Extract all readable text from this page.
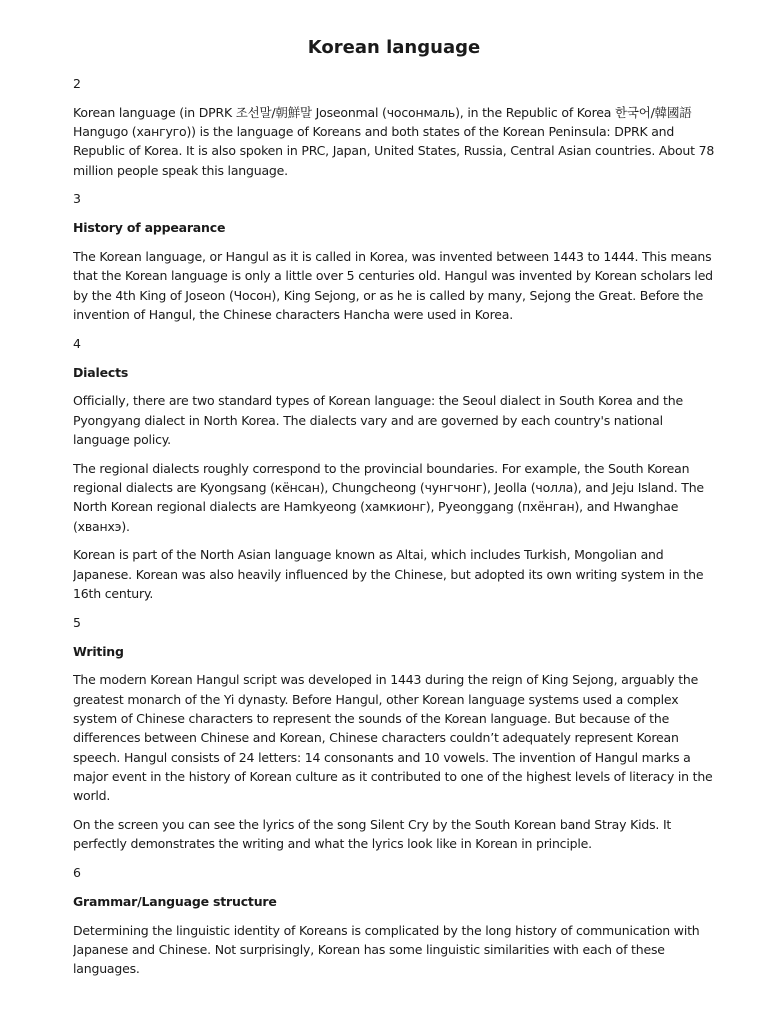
Korean language
2
Korean language (in DPRK 조선말/朝鮮말 Joseonmal (чосонмаль), in the Republic of Korea 한국어/韓國語 Hangugo (хангуго)) is the language of Koreans and both states of the Korean Peninsula: DPRK and Republic of Korea. It is also spoken in PRC, Japan, United States, Russia, Central Asian countries. About 78 million people speak this language.
3
History of appearance
The Korean language, or Hangul as it is called in Korea, was invented between 1443 to 1444. This means that the Korean language is only a little over 5 centuries old. Hangul was invented by Korean scholars led by the 4th King of Joseon (Чосон), King Sejong, or as he is called by many, Sejong the Great. Before the invention of Hangul, the Chinese characters Hancha were used in Korea.
4
Dialects
Officially, there are two standard types of Korean language: the Seoul dialect in South Korea and the Pyongyang dialect in North Korea. The dialects vary and are governed by each country's national language policy.
The regional dialects roughly correspond to the provincial boundaries. For example, the South Korean regional dialects are Kyongsang (кёнсан), Chungcheong (чунгчонг), Jeolla (чолла), and Jeju Island. The North Korean regional dialects are Hamkyeong (хамкионг), Pyeonggang (пхёнган), and Hwanghae (хванхэ).
Korean is part of the North Asian language known as Altai, which includes Turkish, Mongolian and Japanese. Korean was also heavily influenced by the Chinese, but adopted its own writing system in the 16th century.
5
Writing
The modern Korean Hangul script was developed in 1443 during the reign of King Sejong, arguably the greatest monarch of the Yi dynasty. Before Hangul, other Korean language systems used a complex system of Chinese characters to represent the sounds of the Korean language. But because of the differences between Chinese and Korean, Chinese characters couldn’t adequately represent Korean speech. Hangul consists of 24 letters: 14 consonants and 10 vowels. The invention of Hangul marks a major event in the history of Korean culture as it contributed to one of the highest levels of literacy in the world.
On the screen you can see the lyrics of the song Silent Cry by the South Korean band Stray Kids. It perfectly demonstrates the writing and what the lyrics look like in Korean in principle.
6
Grammar/Language structure
Determining the linguistic identity of Koreans is complicated by the long history of communication with Japanese and Chinese. Not surprisingly, Korean has some linguistic similarities with each of these languages.
